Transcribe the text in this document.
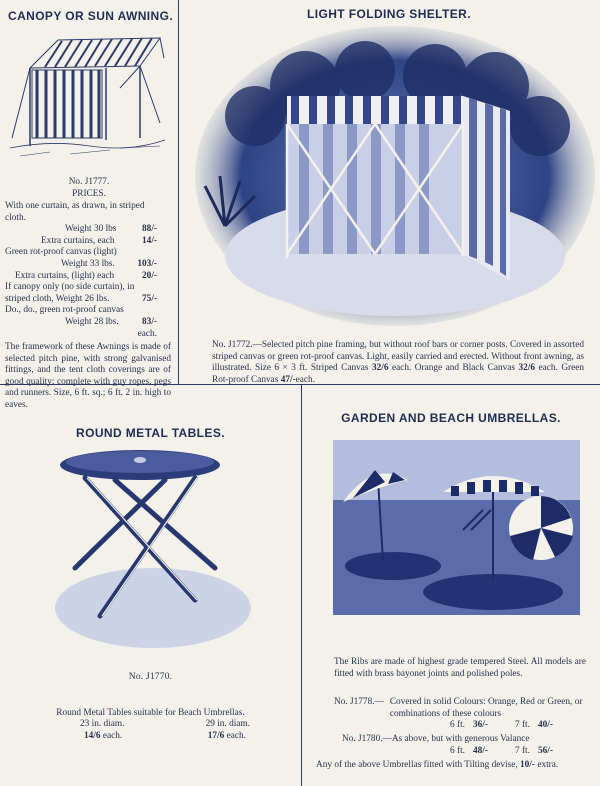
CANOPY OR SUN AWNING.
No. J1777.
PRICES.
With one curtain, as drawn, in striped cloth.
Weight 30 lbs	88/-
Extra curtains, each	14/-
Green rot-proof canvas (light)
Weight 33 lbs. 103/-
Extra curtains, (light) each	20/-
If canopy only (no side curtain), in
striped cloth, Weight 26 lbs.	75/-
Do., do., green rot-proof canvas
Weight 28 lbs.	83/-
each.
The framework of these Awnings is made of selected pitch pine, with strong galvanised fittings, and the tent cloth coverings are of good quality; complete with guy ropes, pegs and runners. Size, 6 ft. sq.; 6 ft. 2 in. high to eaves.
LIGHT FOLDING SHELTER.
No. J1772.—Selected pitch pine framing, but without roof bars or corner posts. Covered in assorted striped canvas or green rot-proof canvas. Light, easily carried and erected. Without front awning, as illustrated. Size 6 × 3 ft. Striped Canvas 32/6 each. Orange and Black Canvas 32/6 each. Green Rot-proof Canvas 47/-each.
ROUND METAL TABLES.
No. J1770.
Round Metal Tables suitable for Beach Umbrellas.
23 in. diam.	29 in. diam.
14/6 each.	17/6 each.
GARDEN AND BEACH UMBRELLAS.
The Ribs are made of highest grade tempered Steel. All models are fitted with brass bayonet joints and polished poles.
No. J1778.— Covered in solid Colours: Orange, Red or Green, or combinations of these colours
6 ft. 36/-	7 ft. 40/-
No. J1780.—As above, but with generous Valance
6 ft. 48/-	7 ft. 56/-
Any of the above Umbrellas fitted with Tilting devise, 10/- extra.
